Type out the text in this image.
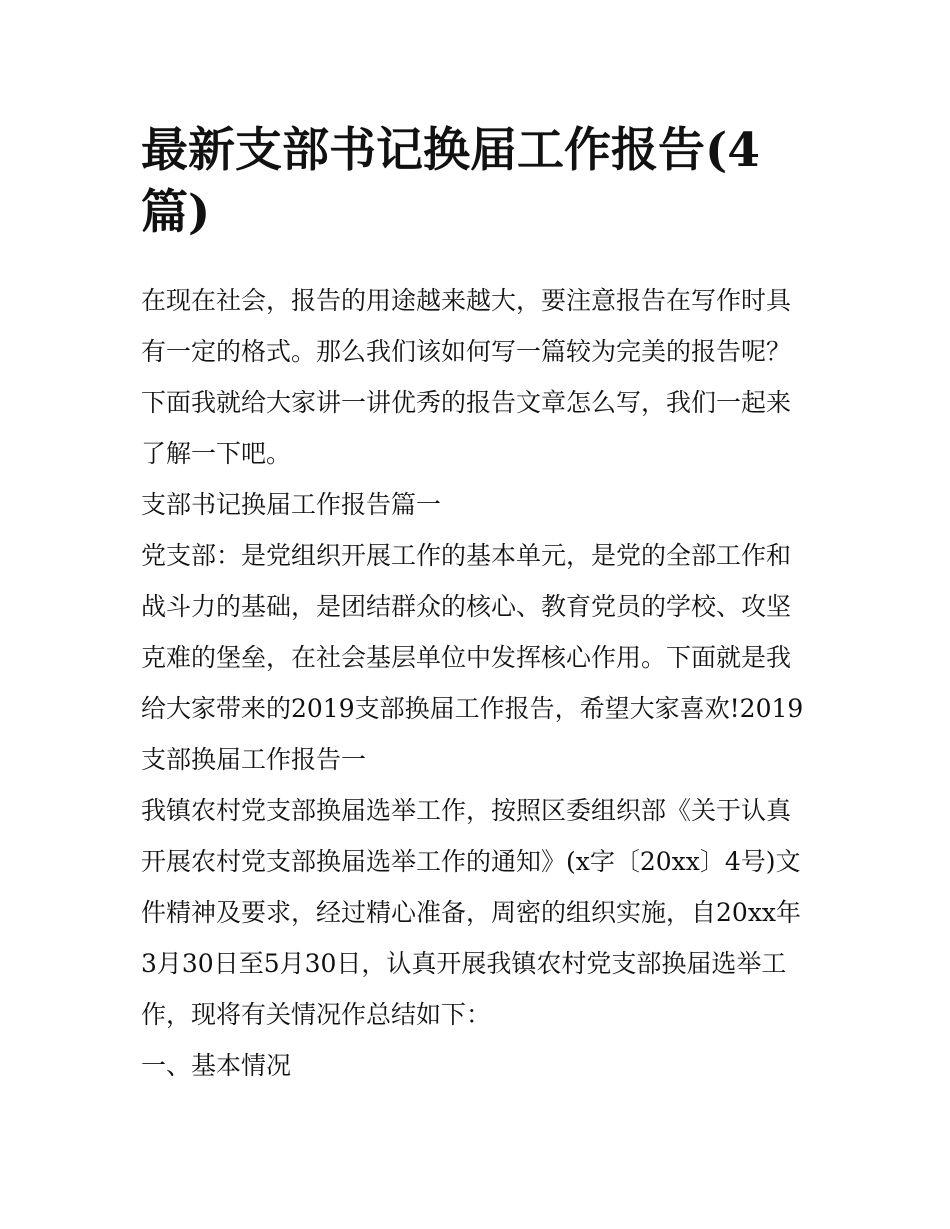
最新支部书记换届工作报告(4篇)

在现在社会，报告的用途越来越大，要注意报告在写作时具有一定的格式。那么我们该如何写一篇较为完美的报告呢？下面我就给大家讲一讲优秀的报告文章怎么写，我们一起来了解一下吧。

支部书记换届工作报告篇一

党支部：是党组织开展工作的基本单元，是党的全部工作和战斗力的基础，是团结群众的核心、教育党员的学校、攻坚克难的堡垒，在社会基层单位中发挥核心作用。下面就是我给大家带来的2019支部换届工作报告，希望大家喜欢!2019支部换届工作报告一

我镇农村党支部换届选举工作，按照区委组织部《关于认真开展农村党支部换届选举工作的通知》(x字〔20xx〕4号)文件精神及要求，经过精心准备，周密的组织实施，自20xx年3月30日至5月30日，认真开展我镇农村党支部换届选举工作，现将有关情况作总结如下：

一、基本情况
